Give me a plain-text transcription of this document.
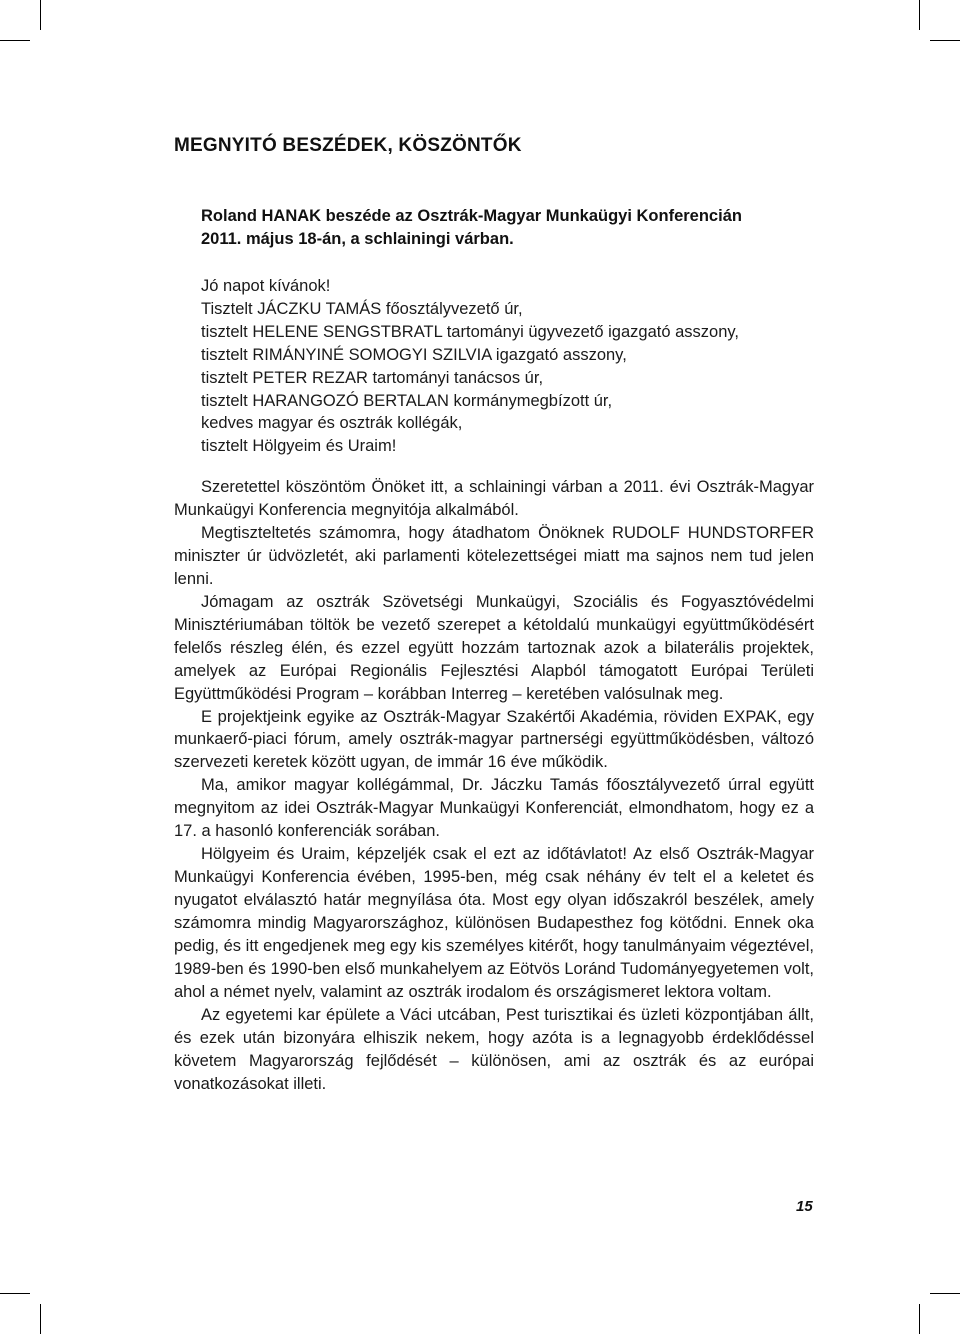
MEGNYITÓ BESZÉDEK, KÖSZÖNTŐK
Roland HANAK beszéde az Osztrák-Magyar Munkaügyi Konferencián
2011. május 18-án, a schlainingi várban.
Jó napot kívánok!
Tisztelt JÁCZKU TAMÁS főosztályvezető úr,
tisztelt HELENE SENGSTBRATL tartományi ügyvezető igazgató asszony,
tisztelt RIMÁNYINÉ SOMOGYI SZILVIA igazgató asszony,
tisztelt PETER REZAR tartományi tanácsos úr,
tisztelt HARANGOZÓ BERTALAN kormánymegbízott úr,
kedves magyar és osztrák kollégák,
tisztelt Hölgyeim és Uraim!

Szeretettel köszöntöm Önöket itt, a schlainingi várban a 2011. évi Osztrák-Magyar Munkaügyi Konferencia megnyitója alkalmából.

Megtiszteltetés számomra, hogy átadhatom Önöknek RUDOLF HUNDSTORFER miniszter úr üdvözletét, aki parlamenti kötelezettségei miatt ma sajnos nem tud jelen lenni.

Jómagam az osztrák Szövetségi Munkaügyi, Szociális és Fogyasztóvédelmi Minisztériumában töltök be vezető szerepet a kétoldalú munkaügyi együttműködésért felelős részleg élén, és ezzel együtt hozzám tartoznak azok a bilaterális projektek, amelyek az Európai Regionális Fejlesztési Alapból támogatott Európai Területi Együttműködési Program – korábban Interreg – keretében valósulnak meg.

E projektjeink egyike az Osztrák-Magyar Szakértői Akadémia, röviden EXPAK, egy munkaerő-piaci fórum, amely osztrák-magyar partnerségi együttműködésben, változó szervezeti keretek között ugyan, de immár 16 éve működik.

Ma, amikor magyar kollégámmal, Dr. Jáczku Tamás főosztályvezető úrral együtt megnyitom az idei Osztrák-Magyar Munkaügyi Konferenciát, elmondhatom, hogy ez a 17. a hasonló konferenciák sorában.

Hölgyeim és Uraim, képzeljék csak el ezt az időtávlatot! Az első Osztrák-Magyar Munkaügyi Konferencia évében, 1995-ben, még csak néhány év telt el a keletet és nyugatot elválasztó határ megnyílása óta. Most egy olyan időszakról beszélek, amely számomra mindig Magyarországhoz, különösen Budapesthez fog kötődni. Ennek oka pedig, és itt engedjenek meg egy kis személyes kitérőt, hogy tanulmányaim végeztével, 1989-ben és 1990-ben első munkahelyem az Eötvös Loránd Tudományegyetemen volt, ahol a német nyelv, valamint az osztrák irodalom és országismeret lektora voltam.

Az egyetemi kar épülete a Váci utcában, Pest turisztikai és üzleti központjában állt, és ezek után bizonyára elhiszik nekem, hogy azóta is a legnagyobb érdeklődéssel követem Magyarország fejlődését – különösen, ami az osztrák és az európai vonatkozásokat illeti.

15
